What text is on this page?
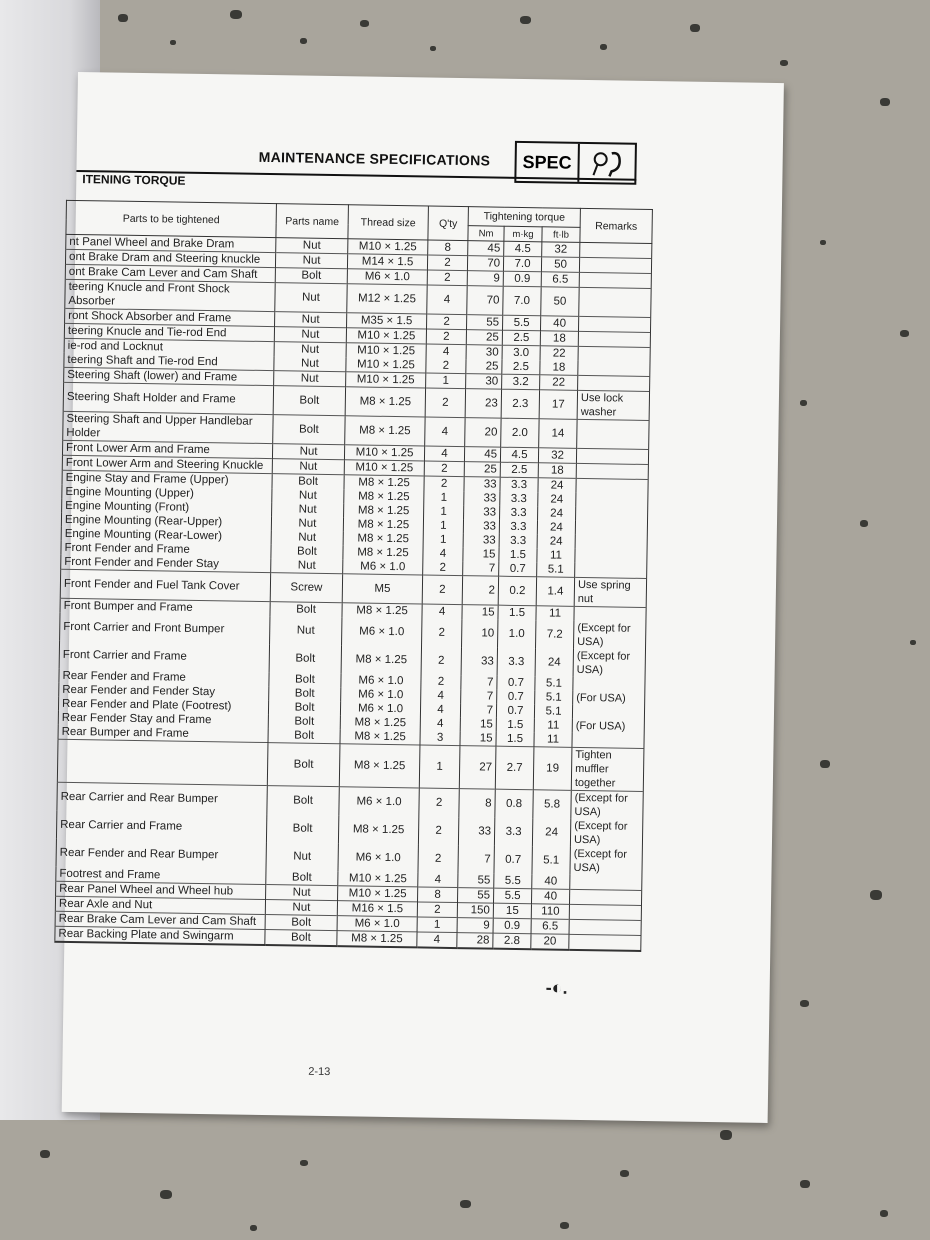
MAINTENANCE SPECIFICATIONS	SPEC
ITENING TORQUE
Parts to be tightened	Parts name	Thread size	Q'ty	Tightening torque			Remarks
				Nm	m·kg	ft·lb	
nt Panel Wheel and Brake Dram	Nut	M10 × 1.25	8	45	4.5	32	
ont Brake Dram and Steering knuckle	Nut	M14 × 1.5	2	70	7.0	50	
ont Brake Cam Lever and Cam Shaft	Bolt	M6 × 1.0	2	9	0.9	6.5	
teering Knucle and Front Shock Absorber	Nut	M12 × 1.25	4	70	7.0	50	
ront Shock Absorber and Frame	Nut	M35 × 1.5	2	55	5.5	40	
teering Knucle and Tie-rod End	Nut	M10 × 1.25	2	25	2.5	18	
ie-rod and Locknut	Nut	M10 × 1.25	4	30	3.0	22	
teering Shaft and Tie-rod End	Nut	M10 × 1.25	2	25	2.5	18	
Steering Shaft (lower) and Frame	Nut	M10 × 1.25	1	30	3.2	22	
Steering Shaft Holder and Frame	Bolt	M8 × 1.25	2	23	2.3	17	Use lock washer
Steering Shaft and Upper Handlebar Holder	Bolt	M8 × 1.25	4	20	2.0	14	
Front Lower Arm and Frame	Nut	M10 × 1.25	4	45	4.5	32	
Front Lower Arm and Steering Knuckle	Nut	M10 × 1.25	2	25	2.5	18	
Engine Stay and Frame (Upper)	Bolt	M8 × 1.25	2	33	3.3	24	
Engine Mounting (Upper)	Nut	M8 × 1.25	1	33	3.3	24	
Engine Mounting (Front)	Nut	M8 × 1.25	1	33	3.3	24	
Engine Mounting (Rear-Upper)	Nut	M8 × 1.25	1	33	3.3	24	
Engine Mounting (Rear-Lower)	Nut	M8 × 1.25	1	33	3.3	24	
Front Fender and Frame	Bolt	M8 × 1.25	4	15	1.5	11	
Front Fender and Fender Stay	Nut	M6 × 1.0	2	7	0.7	5.1	
Front Fender and Fuel Tank Cover	Screw	M5	2	2	0.2	1.4	Use spring nut
Front Bumper and Frame	Bolt	M8 × 1.25	4	15	1.5	11	
Front Carrier and Front Bumper	Nut	M6 × 1.0	2	10	1.0	7.2	(Except for USA)
Front Carrier and Frame	Bolt	M8 × 1.25	2	33	3.3	24	(Except for USA)
Rear Fender and Frame	Bolt	M6 × 1.0	2	7	0.7	5.1	
Rear Fender and Fender Stay	Bolt	M6 × 1.0	4	7	0.7	5.1	(For USA)
Rear Fender and Plate (Footrest)	Bolt	M6 × 1.0	4	7	0.7	5.1	
Rear Fender Stay and Frame	Bolt	M8 × 1.25	4	15	1.5	11	(For USA)
Rear Bumper and Frame	Bolt	M8 × 1.25	3	15	1.5	11	
	Bolt	M8 × 1.25	1	27	2.7	19	Tighten muffler together
Rear Carrier and Rear Bumper	Bolt	M6 × 1.0	2	8	0.8	5.8	(Except for USA)
Rear Carrier and Frame	Bolt	M8 × 1.25	2	33	3.3	24	(Except for USA)
Rear Fender and Rear Bumper	Nut	M6 × 1.0	2	7	0.7	5.1	(Except for USA)
Footrest and Frame	Bolt	M10 × 1.25	4	55	5.5	40	
Rear Panel Wheel and Wheel hub	Nut	M10 × 1.25	8	55	5.5	40	
Rear Axle and Nut	Nut	M16 × 1.5	2	150	15	110	
Rear Brake Cam Lever and Cam Shaft	Bolt	M6 × 1.0	1	9	0.9	6.5	
Rear Backing Plate and Swingarm	Bolt	M8 × 1.25	4	28	2.8	20	
-◐.
2-13
